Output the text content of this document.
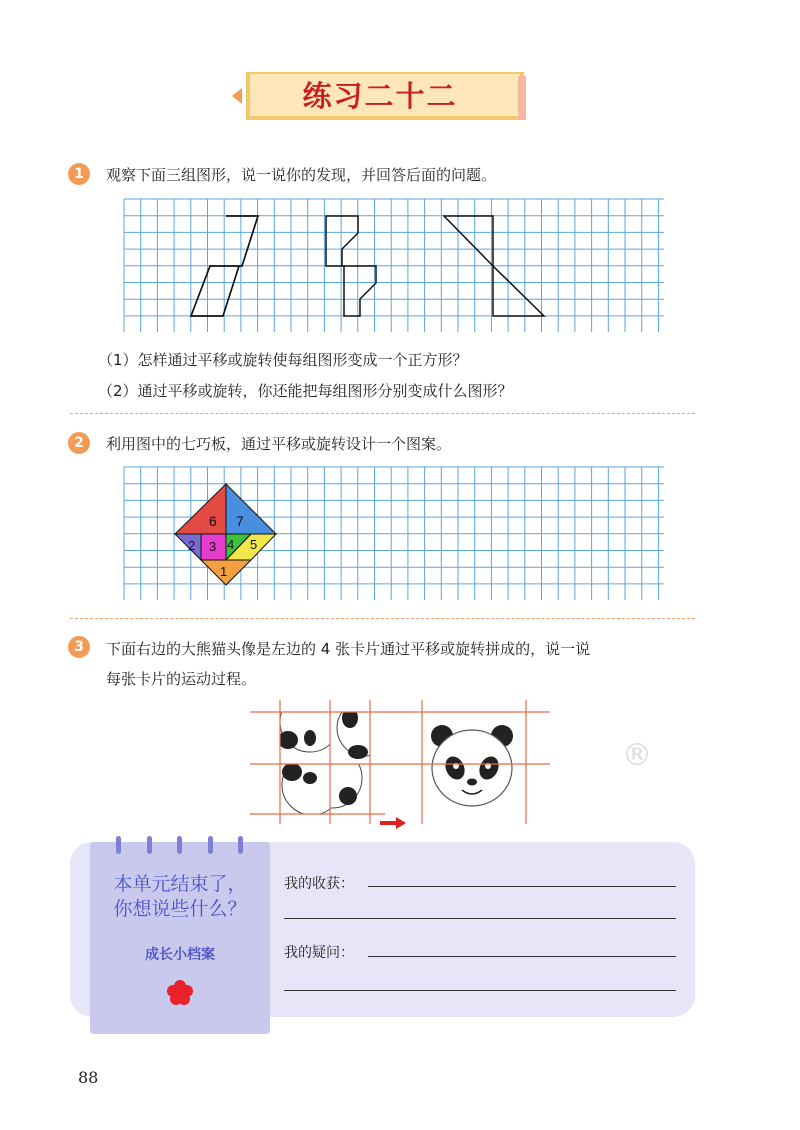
练习二十二
1	观察下面三组图形，说一说你的发现，并回答后面的问题。
（1）怎样通过平移或旋转使每组图形变成一个正方形？
（2）通过平移或旋转，你还能把每组图形分别变成什么图形？
2	利用图中的七巧板，通过平移或旋转设计一个图案。
6 7
2 3 4 5
1
3	下面右边的大熊猫头像是左边的 4 张卡片通过平移或旋转拼成的，说一说
每张卡片的运动过程。
®
本单元结束了，
你想说些什么？
成长小档案
我的收获：
我的疑问：
88
